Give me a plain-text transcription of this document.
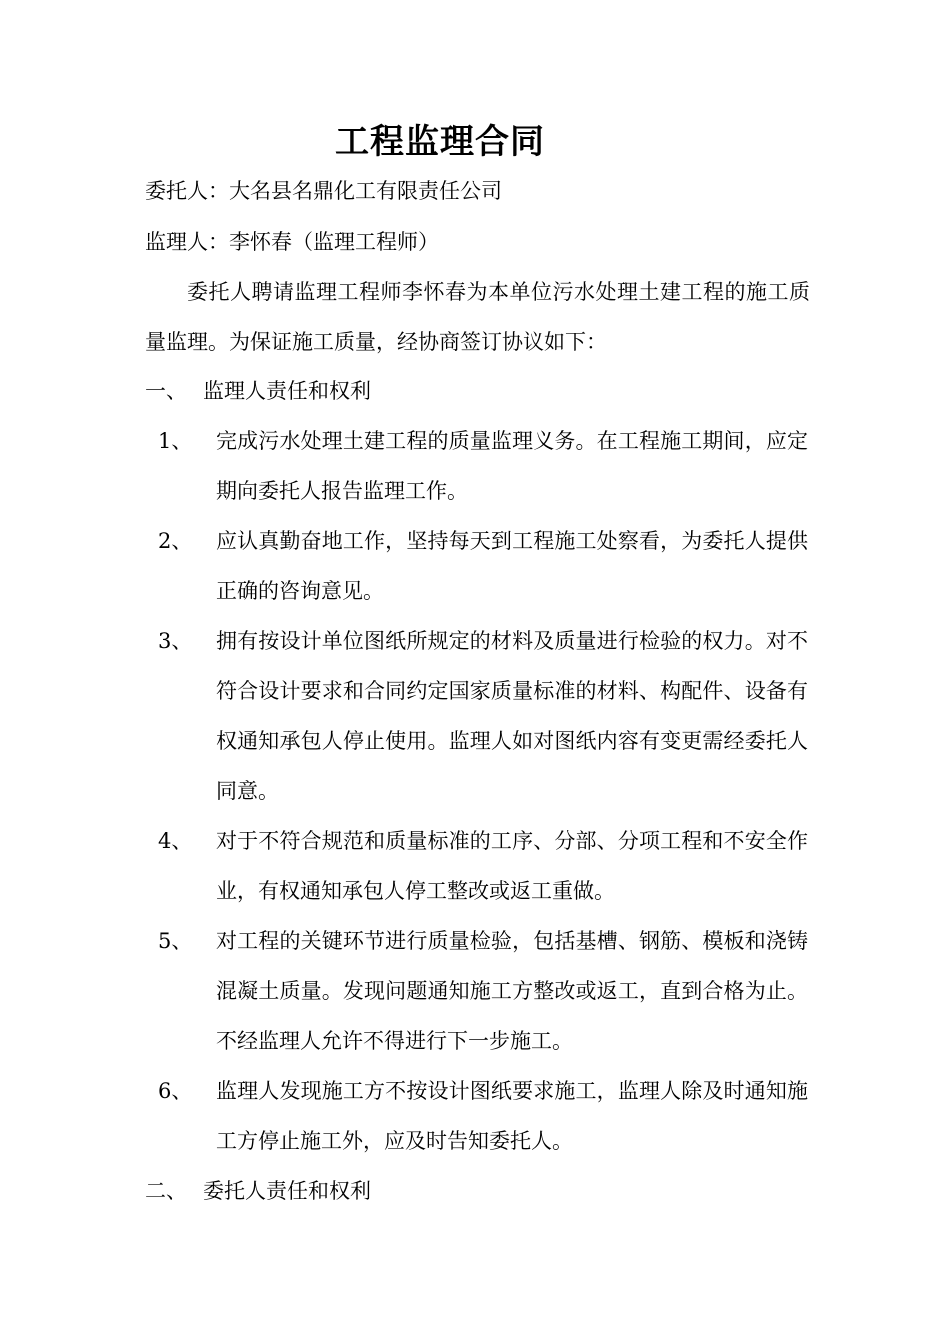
工程监理合同
委托人：大名县名鼎化工有限责任公司
监理人：李怀春（监理工程师）
委托人聘请监理工程师李怀春为本单位污水处理土建工程的施工质量监理。为保证施工质量，经协商签订协议如下：
一、 监理人责任和权利
1、 完成污水处理土建工程的质量监理义务。在工程施工期间，应定期向委托人报告监理工作。
2、 应认真勤奋地工作，坚持每天到工程施工处察看，为委托人提供正确的咨询意见。
3、 拥有按设计单位图纸所规定的材料及质量进行检验的权力。对不符合设计要求和合同约定国家质量标准的材料、构配件、设备有权通知承包人停止使用。监理人如对图纸内容有变更需经委托人同意。
4、 对于不符合规范和质量标准的工序、分部、分项工程和不安全作业，有权通知承包人停工整改或返工重做。
5、 对工程的关键环节进行质量检验，包括基槽、钢筋、模板和浇铸混凝土质量。发现问题通知施工方整改或返工，直到合格为止。不经监理人允许不得进行下一步施工。
6、 监理人发现施工方不按设计图纸要求施工，监理人除及时通知施工方停止施工外，应及时告知委托人。
二、 委托人责任和权利
